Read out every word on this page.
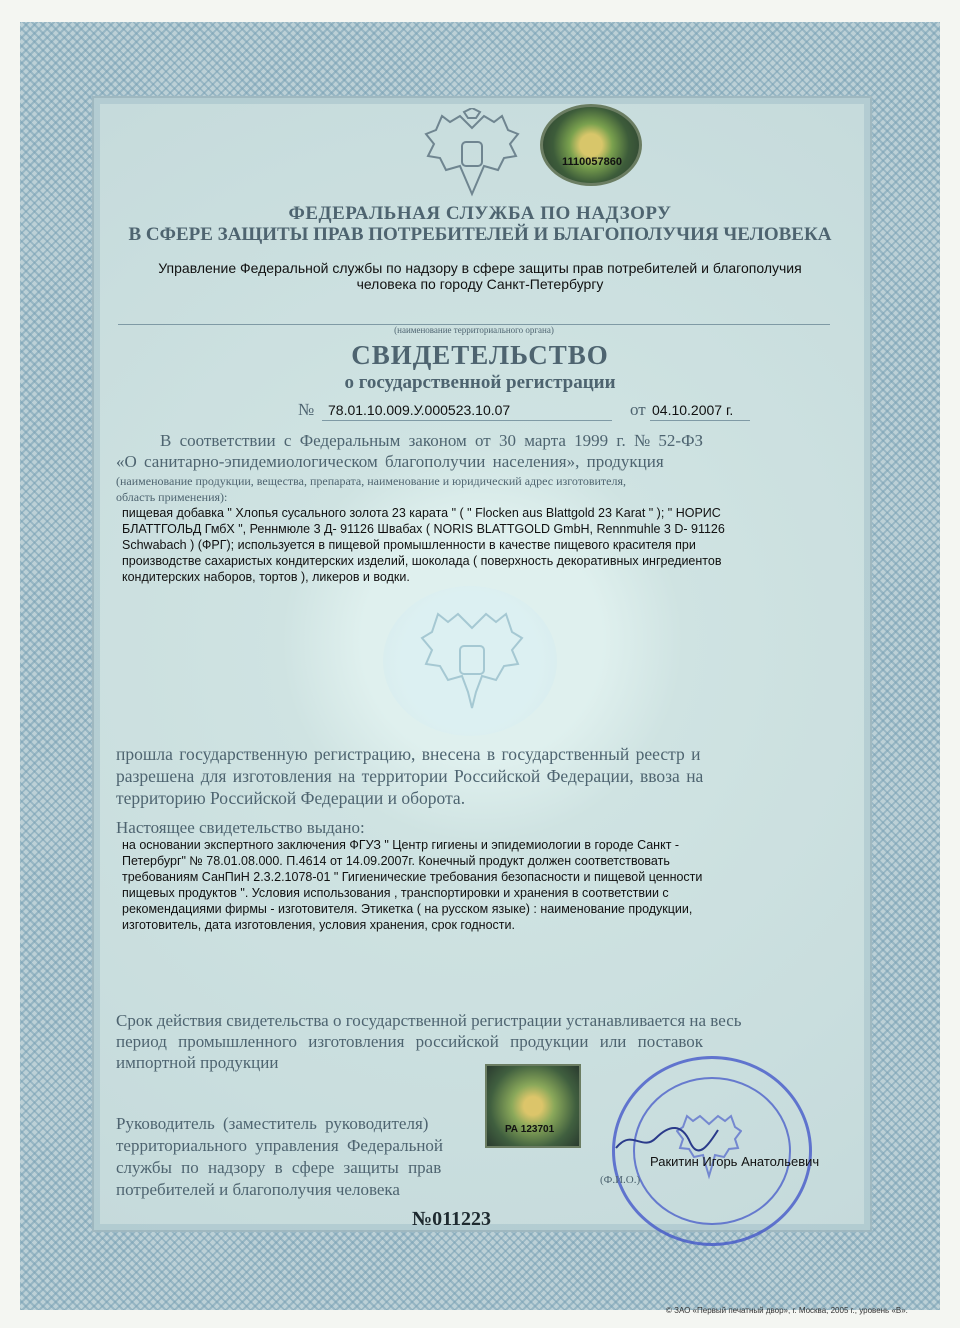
1110057860
ФЕДЕРАЛЬНАЯ СЛУЖБА ПО НАДЗОРУ
В СФЕРЕ ЗАЩИТЫ ПРАВ ПОТРЕБИТЕЛЕЙ И БЛАГОПОЛУЧИЯ ЧЕЛОВЕКА
Управление Федеральной службы по надзору в сфере защиты прав потребителей и благополучия
человека по городу Санкт-Петербургу
(наименование территориального органа)
СВИДЕТЕЛЬСТВО
о государственной регистрации
№ 78.01.10.009.У.000523.10.07	от 04.10.2007 г.
В соответствии с Федеральным законом от 30 марта 1999 г. № 52-ФЗ
«О санитарно-эпидемиологическом благополучии населения», продукция
(наименование продукции, вещества, препарата, наименование и юридический адрес изготовителя,
область применения):
пищевая добавка " Хлопья сусального золота 23 карата " ( " Flocken aus Blattgold 23 Karat " ); " НОРИС
БЛАТТГОЛЬД ГмбХ ", Реннмюле 3 Д- 91126 Швабах ( NORIS BLATTGOLD GmbH, Rennmuhle 3 D- 91126
Schwabach ) (ФРГ); используется в пищевой промышленности в качестве пищевого красителя при
производстве сахаристых кондитерских изделий, шоколада ( поверхность декоративных ингредиентов
кондитерских наборов, тортов ), ликеров и водки.
прошла государственную регистрацию, внесена в государственный реестр и
разрешена для изготовления на территории Российской Федерации, ввоза на
территорию Российской Федерации и оборота.
Настоящее свидетельство выдано:
на основании экспертного заключения ФГУЗ " Центр гигиены и эпидемиологии в городе Санкт -
Петербург" № 78.01.08.000. П.4614 от 14.09.2007г. Конечный продукт должен соответствовать
требованиям СанПиН 2.3.2.1078-01 " Гигиенические требования безопасности и пищевой ценности
пищевых продуктов ". Условия использования , транспортировки и хранения в соответствии с
рекомендациями фирмы - изготовителя. Этикетка ( на русском языке) : наименование продукции,
изготовитель, дата изготовления, условия хранения, срок годности.
Срок действия свидетельства о государственной регистрации устанавливается на весь
период промышленного изготовления российской продукции или поставок
импортной продукции
РА 123701
Руководитель (заместитель руководителя)
территориального управления Федеральной
службы по надзору в сфере защиты прав
потребителей и благополучия человека
Ракитин Игорь Анатольевич
(Ф.И.О.)
№011223
© ЗАО «Первый печатный двор», г. Москва, 2005 г., уровень «В».
